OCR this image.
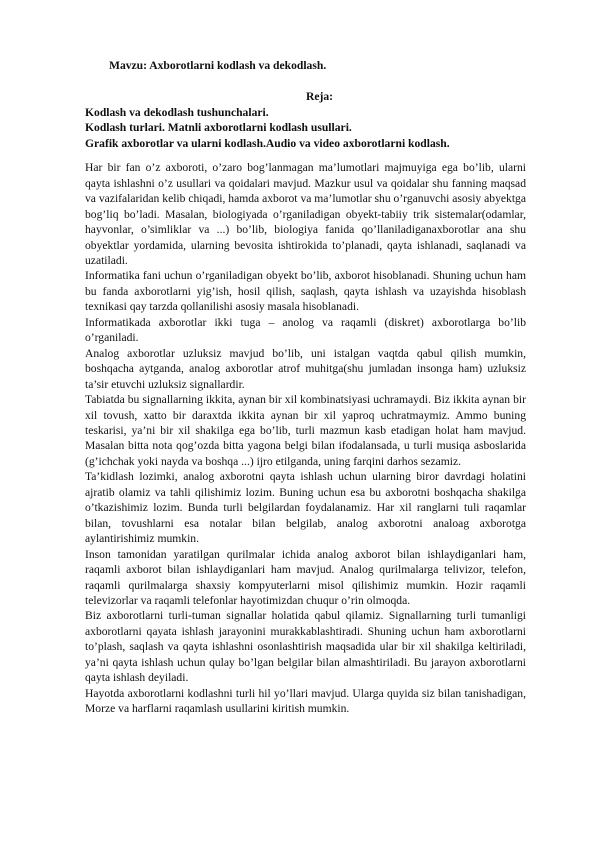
Mavzu: Axborotlarni kodlash va dekodlash.
Reja:
Kodlash va dekodlash tushunchalari.
Kodlash turlari. Matnli axborotlarni kodlash usullari.
Grafik axborotlar va ularni kodlash.Audio va video axborotlarni kodlash.

Har bir fan o’z axboroti, o’zaro bog’lanmagan ma’lumotlari majmuyiga ega bo’lib, ularni qayta ishlashni o’z usullari va qoidalari mavjud. Mazkur usul va qoidalar shu fanning maqsad va vazifalaridan kelib chiqadi, hamda axborot va ma’lumotlar shu o’rganuvchi asosiy abyektga bog’liq bo’ladi. Masalan, biologiyada o’rganiladigan obyekt-tabiiy trik sistemalar(odamlar, hayvonlar, o’simliklar va ...) bo’lib, biologiya fanida qo’llaniladiganaxborotlar ana shu obyektlar yordamida, ularning bevosita ishtirokida to’planadi, qayta ishlanadi, saqlanadi va uzatiladi.

Informatika fani uchun o’rganiladigan obyekt bo’lib, axborot hisoblanadi. Shuning uchun ham bu fanda axborotlarni yig’ish, hosil qilish, saqlash, qayta ishlash va uzayishda hisoblash texnikasi qay tarzda qollanilishi asosiy masala hisoblanadi.

Informatikada axborotlar ikki tuga – anolog va raqamli (diskret) axborotlarga bo’lib o’rganiladi.

Analog axborotlar uzluksiz mavjud bo’lib, uni istalgan vaqtda qabul qilish mumkin, boshqacha aytganda, analog axborotlar atrof muhitga(shu jumladan insonga ham) uzluksiz ta’sir etuvchi uzluksiz signallardir.

Tabiatda bu signallarning ikkita, aynan bir xil kombinatsiyasi uchramaydi. Biz ikkita aynan bir xil tovush, xatto bir daraxtda ikkita aynan bir xil yaproq uchratmaymiz. Ammo buning teskarisi, ya’ni bir xil shakilga ega bo’lib, turli mazmun kasb etadigan holat ham mavjud. Masalan bitta nota qog’ozda bitta yagona belgi bilan ifodalansada, u turli musiqa asboslarida (g’ichchak yoki nayda va boshqa ...) ijro etilganda, uning farqini darhos sezamiz.

Ta’kidlash lozimki, analog axborotni qayta ishlash uchun ularning biror davrdagi holatini ajratib olamiz va tahli qilishimiz lozim. Buning uchun esa bu axborotni boshqacha shakilga o’tkazishimiz lozim. Bunda turli belgilardan foydalanamiz. Har xil ranglarni tuli raqamlar bilan, tovushlarni esa notalar bilan belgilab, analog axborotni analoag axborotga aylantirishimiz mumkin.

Inson tamonidan yaratilgan qurilmalar ichida analog axborot bilan ishlaydiganlari ham, raqamli axborot bilan ishlaydiganlari ham mavjud. Analog qurilmalarga telivizor, telefon, raqamli qurilmalarga shaxsiy kompyuterlarni misol qilishimiz mumkin. Hozir raqamli televizorlar va raqamli telefonlar hayotimizdan chuqur o’rin olmoqda.

Biz axborotlarni turli-tuman signallar holatida qabul qilamiz. Signallarning turli tumanligi axborotlarni qayata ishlash jarayonini murakkablashtiradi. Shuning uchun ham axborotlarni to’plash, saqlash va qayta ishlashni osonlashtirish maqsadida ular bir xil shakilga keltiriladi, ya’ni qayta ishlash uchun qulay bo’lgan belgilar bilan almashtiriladi. Bu jarayon axborotlarni qayta ishlash deyiladi.

Hayotda axborotlarni kodlashni turli hil yo’llari mavjud. Ularga quyida siz bilan tanishadigan, Morze va harflarni raqamlash usullarini kiritish mumkin.
